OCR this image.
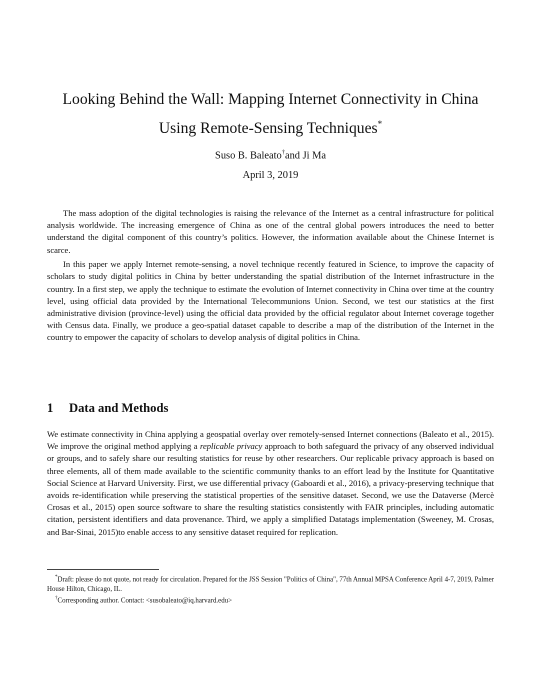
Looking Behind the Wall: Mapping Internet Connectivity in China
Using Remote-Sensing Techniques*
Suso B. Baleato†and Ji Ma
April 3, 2019

The mass adoption of the digital technologies is raising the relevance of the Internet as a central infrastructure for political analysis worldwide. The increasing emergence of China as one of the central global powers introduces the need to better understand the digital component of this country’s politics. However, the information available about the Chinese Internet is scarce.

In this paper we apply Internet remote-sensing, a novel technique recently featured in Science, to improve the capacity of scholars to study digital politics in China by better understanding the spatial distribution of the Internet infrastructure in the country. In a first step, we apply the technique to estimate the evolution of Internet connectivity in China over time at the country level, using official data provided by the International Telecommunions Union. Second, we test our statistics at the first administrative division (province-level) using the official data provided by the official regulator about Internet coverage together with Census data. Finally, we produce a geo-spatial dataset capable to describe a map of the distribution of the Internet in the country to empower the capacity of scholars to develop analysis of digital politics in China.

1 Data and Methods

We estimate connectivity in China applying a geospatial overlay over remotely-sensed Internet connections (Baleato et al., 2015). We improve the original method applying a replicable privacy approach to both safeguard the privacy of any observed individual or groups, and to safely share our resulting statistics for reuse by other researchers. Our replicable privacy approach is based on three elements, all of them made available to the scientific community thanks to an effort lead by the Institute for Quantitative Social Science at Harvard University. First, we use differential privacy (Gaboardi et al., 2016), a privacy-preserving technique that avoids re-identification while preserving the statistical properties of the sensitive dataset. Second, we use the Dataverse (Mercè Crosas et al., 2015) open source software to share the resulting statistics consistently with FAIR principles, including automatic citation, persistent identifiers and data provenance. Third, we apply a simplified Datatags implementation (Sweeney, M. Crosas, and Bar-Sinai, 2015)to enable access to any sensitive dataset required for replication.

*Draft: please do not quote, not ready for circulation. Prepared for the JSS Session "Politics of China", 77th Annual MPSA Conference April 4-7, 2019, Palmer House Hilton, Chicago, IL.

†Corresponding author. Contact: <susobaleato@iq.harvard.edu>
